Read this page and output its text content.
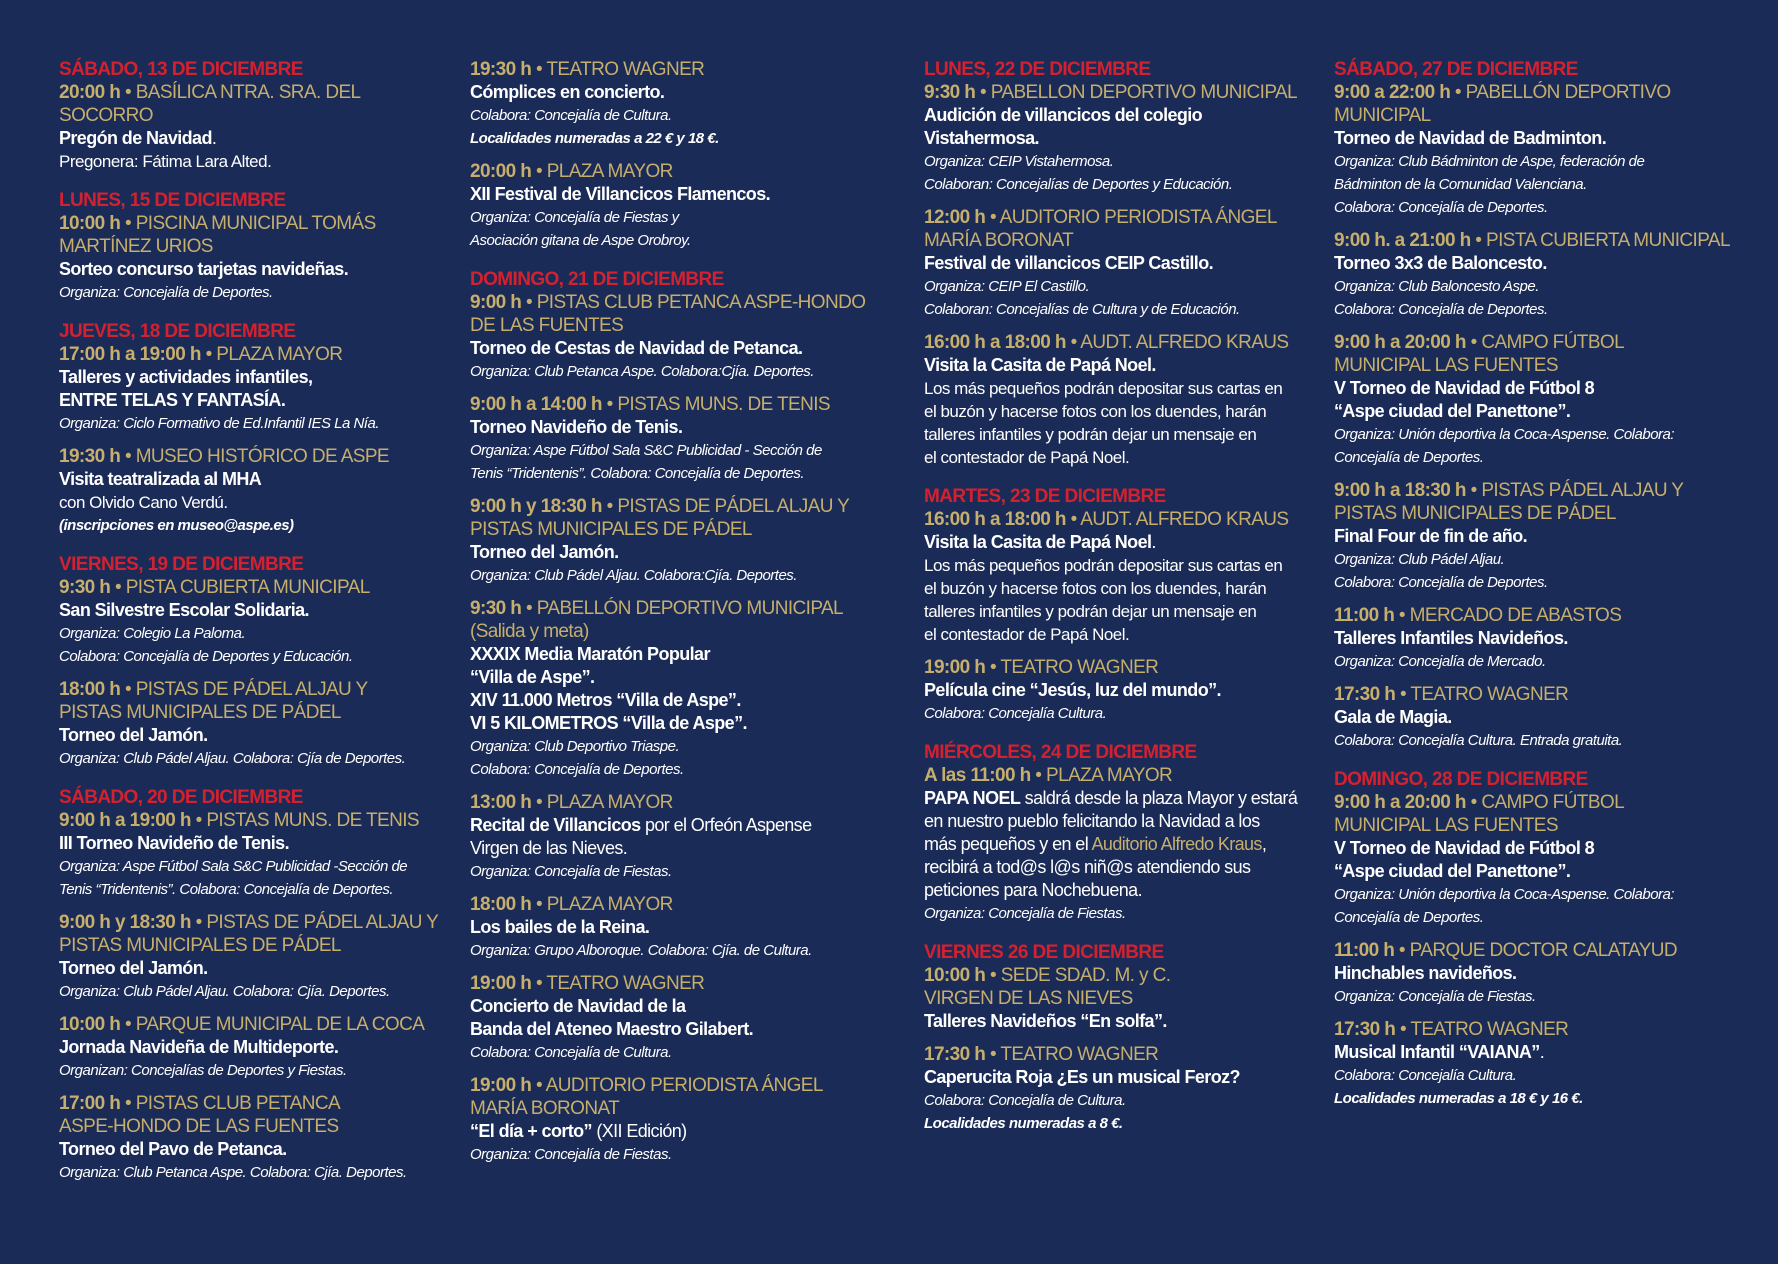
SÁBADO, 13 DE DICIEMBRE
20:00 h • BASÍLICA NTRA. SRA. DEL SOCORRO
Pregón de Navidad.
Pregonera: Fátima Lara Alted.
LUNES, 15 DE DICIEMBRE
10:00 h • PISCINA MUNICIPAL TOMÁS
MARTÍNEZ URIOS
Sorteo concurso tarjetas navideñas.
Organiza: Concejalía de Deportes.
JUEVES, 18 DE DICIEMBRE
17:00 h a 19:00 h • PLAZA MAYOR
Talleres y actividades infantiles,
ENTRE TELAS Y FANTASÍA.
Organiza: Ciclo Formativo de Ed.Infantil IES La Nía.
19:30 h • MUSEO HISTÓRICO DE ASPE
Visita teatralizada al MHA
con Olvido Cano Verdú.
(inscripciones en museo@aspe.es)
VIERNES, 19 DE DICIEMBRE
9:30 h • PISTA CUBIERTA MUNICIPAL
San Silvestre Escolar Solidaria.
Organiza: Colegio La Paloma.
Colabora: Concejalía de Deportes y Educación.
18:00 h • PISTAS DE PÁDEL ALJAU Y
PISTAS MUNICIPALES DE PÁDEL
Torneo del Jamón.
Organiza: Club Pádel Aljau. Colabora: Cjía de Deportes.
SÁBADO, 20 DE DICIEMBRE
9:00 h a 19:00 h • PISTAS MUNS. DE TENIS
III Torneo Navideño de Tenis.
Organiza: Aspe Fútbol Sala S&C Publicidad -Sección de
Tenis “Tridentenis”. Colabora: Concejalía de Deportes.
9:00 h y 18:30 h • PISTAS DE PÁDEL ALJAU Y
PISTAS MUNICIPALES DE PÁDEL
Torneo del Jamón.
Organiza: Club Pádel Aljau. Colabora: Cjía. Deportes.
10:00 h • PARQUE MUNICIPAL DE LA COCA
Jornada Navideña de Multideporte.
Organizan: Concejalías de Deportes y Fiestas.
17:00 h • PISTAS CLUB PETANCA
ASPE-HONDO DE LAS FUENTES
Torneo del Pavo de Petanca.
Organiza: Club Petanca Aspe. Colabora: Cjía. Deportes.
19:30 h • TEATRO WAGNER
Cómplices en concierto.
Colabora: Concejalía de Cultura.
Localidades numeradas a 22 € y 18 €.
20:00 h • PLAZA MAYOR
XII Festival de Villancicos Flamencos.
Organiza: Concejalía de Fiestas y
Asociación gitana de Aspe Orobroy.
DOMINGO, 21 DE DICIEMBRE
9:00 h • PISTAS CLUB PETANCA ASPE-HONDO
DE LAS FUENTES
Torneo de Cestas de Navidad de Petanca.
Organiza: Club Petanca Aspe. Colabora:Cjía. Deportes.
9:00 h a 14:00 h • PISTAS MUNS. DE TENIS
Torneo Navideño de Tenis.
Organiza: Aspe Fútbol Sala S&C Publicidad - Sección de
Tenis “Tridentenis”. Colabora: Concejalía de Deportes.
9:00 h y 18:30 h • PISTAS DE PÁDEL ALJAU Y
PISTAS MUNICIPALES DE PÁDEL
Torneo del Jamón.
Organiza: Club Pádel Aljau. Colabora:Cjía. Deportes.
9:30 h • PABELLÓN DEPORTIVO MUNICIPAL
(Salida y meta)
XXXIX Media Maratón Popular
“Villa de Aspe”.
XIV 11.000 Metros “Villa de Aspe”.
VI 5 KILOMETROS “Villa de Aspe”.
Organiza: Club Deportivo Triaspe.
Colabora: Concejalía de Deportes.
13:00 h • PLAZA MAYOR
Recital de Villancicos por el Orfeón Aspense
Virgen de las Nieves.
Organiza: Concejalía de Fiestas.
18:00 h • PLAZA MAYOR
Los bailes de la Reina.
Organiza: Grupo Alboroque. Colabora: Cjía. de Cultura.
19:00 h • TEATRO WAGNER
Concierto de Navidad de la
Banda del Ateneo Maestro Gilabert.
Colabora: Concejalía de Cultura.
19:00 h • AUDITORIO PERIODISTA ÁNGEL
MARÍA BORONAT
“El día + corto” (XII Edición)
Organiza: Concejalía de Fiestas.
LUNES, 22 DE DICIEMBRE
9:30 h • PABELLON DEPORTIVO MUNICIPAL
Audición de villancicos del colegio
Vistahermosa.
Organiza: CEIP Vistahermosa.
Colaboran: Concejalías de Deportes y Educación.
12:00 h • AUDITORIO PERIODISTA ÁNGEL
MARÍA BORONAT
Festival de villancicos CEIP Castillo.
Organiza: CEIP El Castillo.
Colaboran: Concejalías de Cultura y de Educación.
16:00 h a 18:00 h • AUDT. ALFREDO KRAUS
Visita la Casita de Papá Noel.
Los más pequeños podrán depositar sus cartas en
el buzón y hacerse fotos con los duendes, harán
talleres infantiles y podrán dejar un mensaje en
el contestador de Papá Noel.
MARTES, 23 DE DICIEMBRE
16:00 h a 18:00 h • AUDT. ALFREDO KRAUS
Visita la Casita de Papá Noel.
Los más pequeños podrán depositar sus cartas en
el buzón y hacerse fotos con los duendes, harán
talleres infantiles y podrán dejar un mensaje en
el contestador de Papá Noel.
19:00 h • TEATRO WAGNER
Película cine “Jesús, luz del mundo”.
Colabora: Concejalía Cultura.
MIÉRCOLES, 24 DE DICIEMBRE
A las 11:00 h • PLAZA MAYOR
PAPA NOEL saldrá desde la plaza Mayor y estará
en nuestro pueblo felicitando la Navidad a los
más pequeños y en el Auditorio Alfredo Kraus,
recibirá a tod@s l@s niñ@s atendiendo sus
peticiones para Nochebuena.
Organiza: Concejalía de Fiestas.
VIERNES 26 DE DICIEMBRE
10:00 h • SEDE SDAD. M. y C.
VIRGEN DE LAS NIEVES
Talleres Navideños “En solfa”.
17:30 h • TEATRO WAGNER
Caperucita Roja ¿Es un musical Feroz?
Colabora: Concejalía de Cultura.
Localidades numeradas a 8 €.
SÁBADO, 27 DE DICIEMBRE
9:00 a 22:00 h • PABELLÓN DEPORTIVO
MUNICIPAL
Torneo de Navidad de Badminton.
Organiza: Club Bádminton de Aspe, federación de
Bádminton de la Comunidad Valenciana.
Colabora: Concejalía de Deportes.
9:00 h. a 21:00 h • PISTA CUBIERTA MUNICIPAL
Torneo 3x3 de Baloncesto.
Organiza: Club Baloncesto Aspe.
Colabora: Concejalía de Deportes.
9:00 h a 20:00 h • CAMPO FÚTBOL
MUNICIPAL LAS FUENTES
V Torneo de Navidad de Fútbol 8
“Aspe ciudad del Panettone”.
Organiza: Unión deportiva la Coca-Aspense. Colabora:
Concejalía de Deportes.
9:00 h a 18:30 h • PISTAS PÁDEL ALJAU Y
PISTAS MUNICIPALES DE PÁDEL
Final Four de fin de año.
Organiza: Club Pádel Aljau.
Colabora: Concejalía de Deportes.
11:00 h • MERCADO DE ABASTOS
Talleres Infantiles Navideños.
Organiza: Concejalía de Mercado.
17:30 h • TEATRO WAGNER
Gala de Magia.
Colabora: Concejalía Cultura. Entrada gratuita.
DOMINGO, 28 DE DICIEMBRE
9:00 h a 20:00 h • CAMPO FÚTBOL
MUNICIPAL LAS FUENTES
V Torneo de Navidad de Fútbol 8
“Aspe ciudad del Panettone”.
Organiza: Unión deportiva la Coca-Aspense. Colabora:
Concejalía de Deportes.
11:00 h • PARQUE DOCTOR CALATAYUD
Hinchables navideños.
Organiza: Concejalía de Fiestas.
17:30 h • TEATRO WAGNER
Musical Infantil “VAIANA”.
Colabora: Concejalía Cultura.
Localidades numeradas a 18 € y 16 €.
